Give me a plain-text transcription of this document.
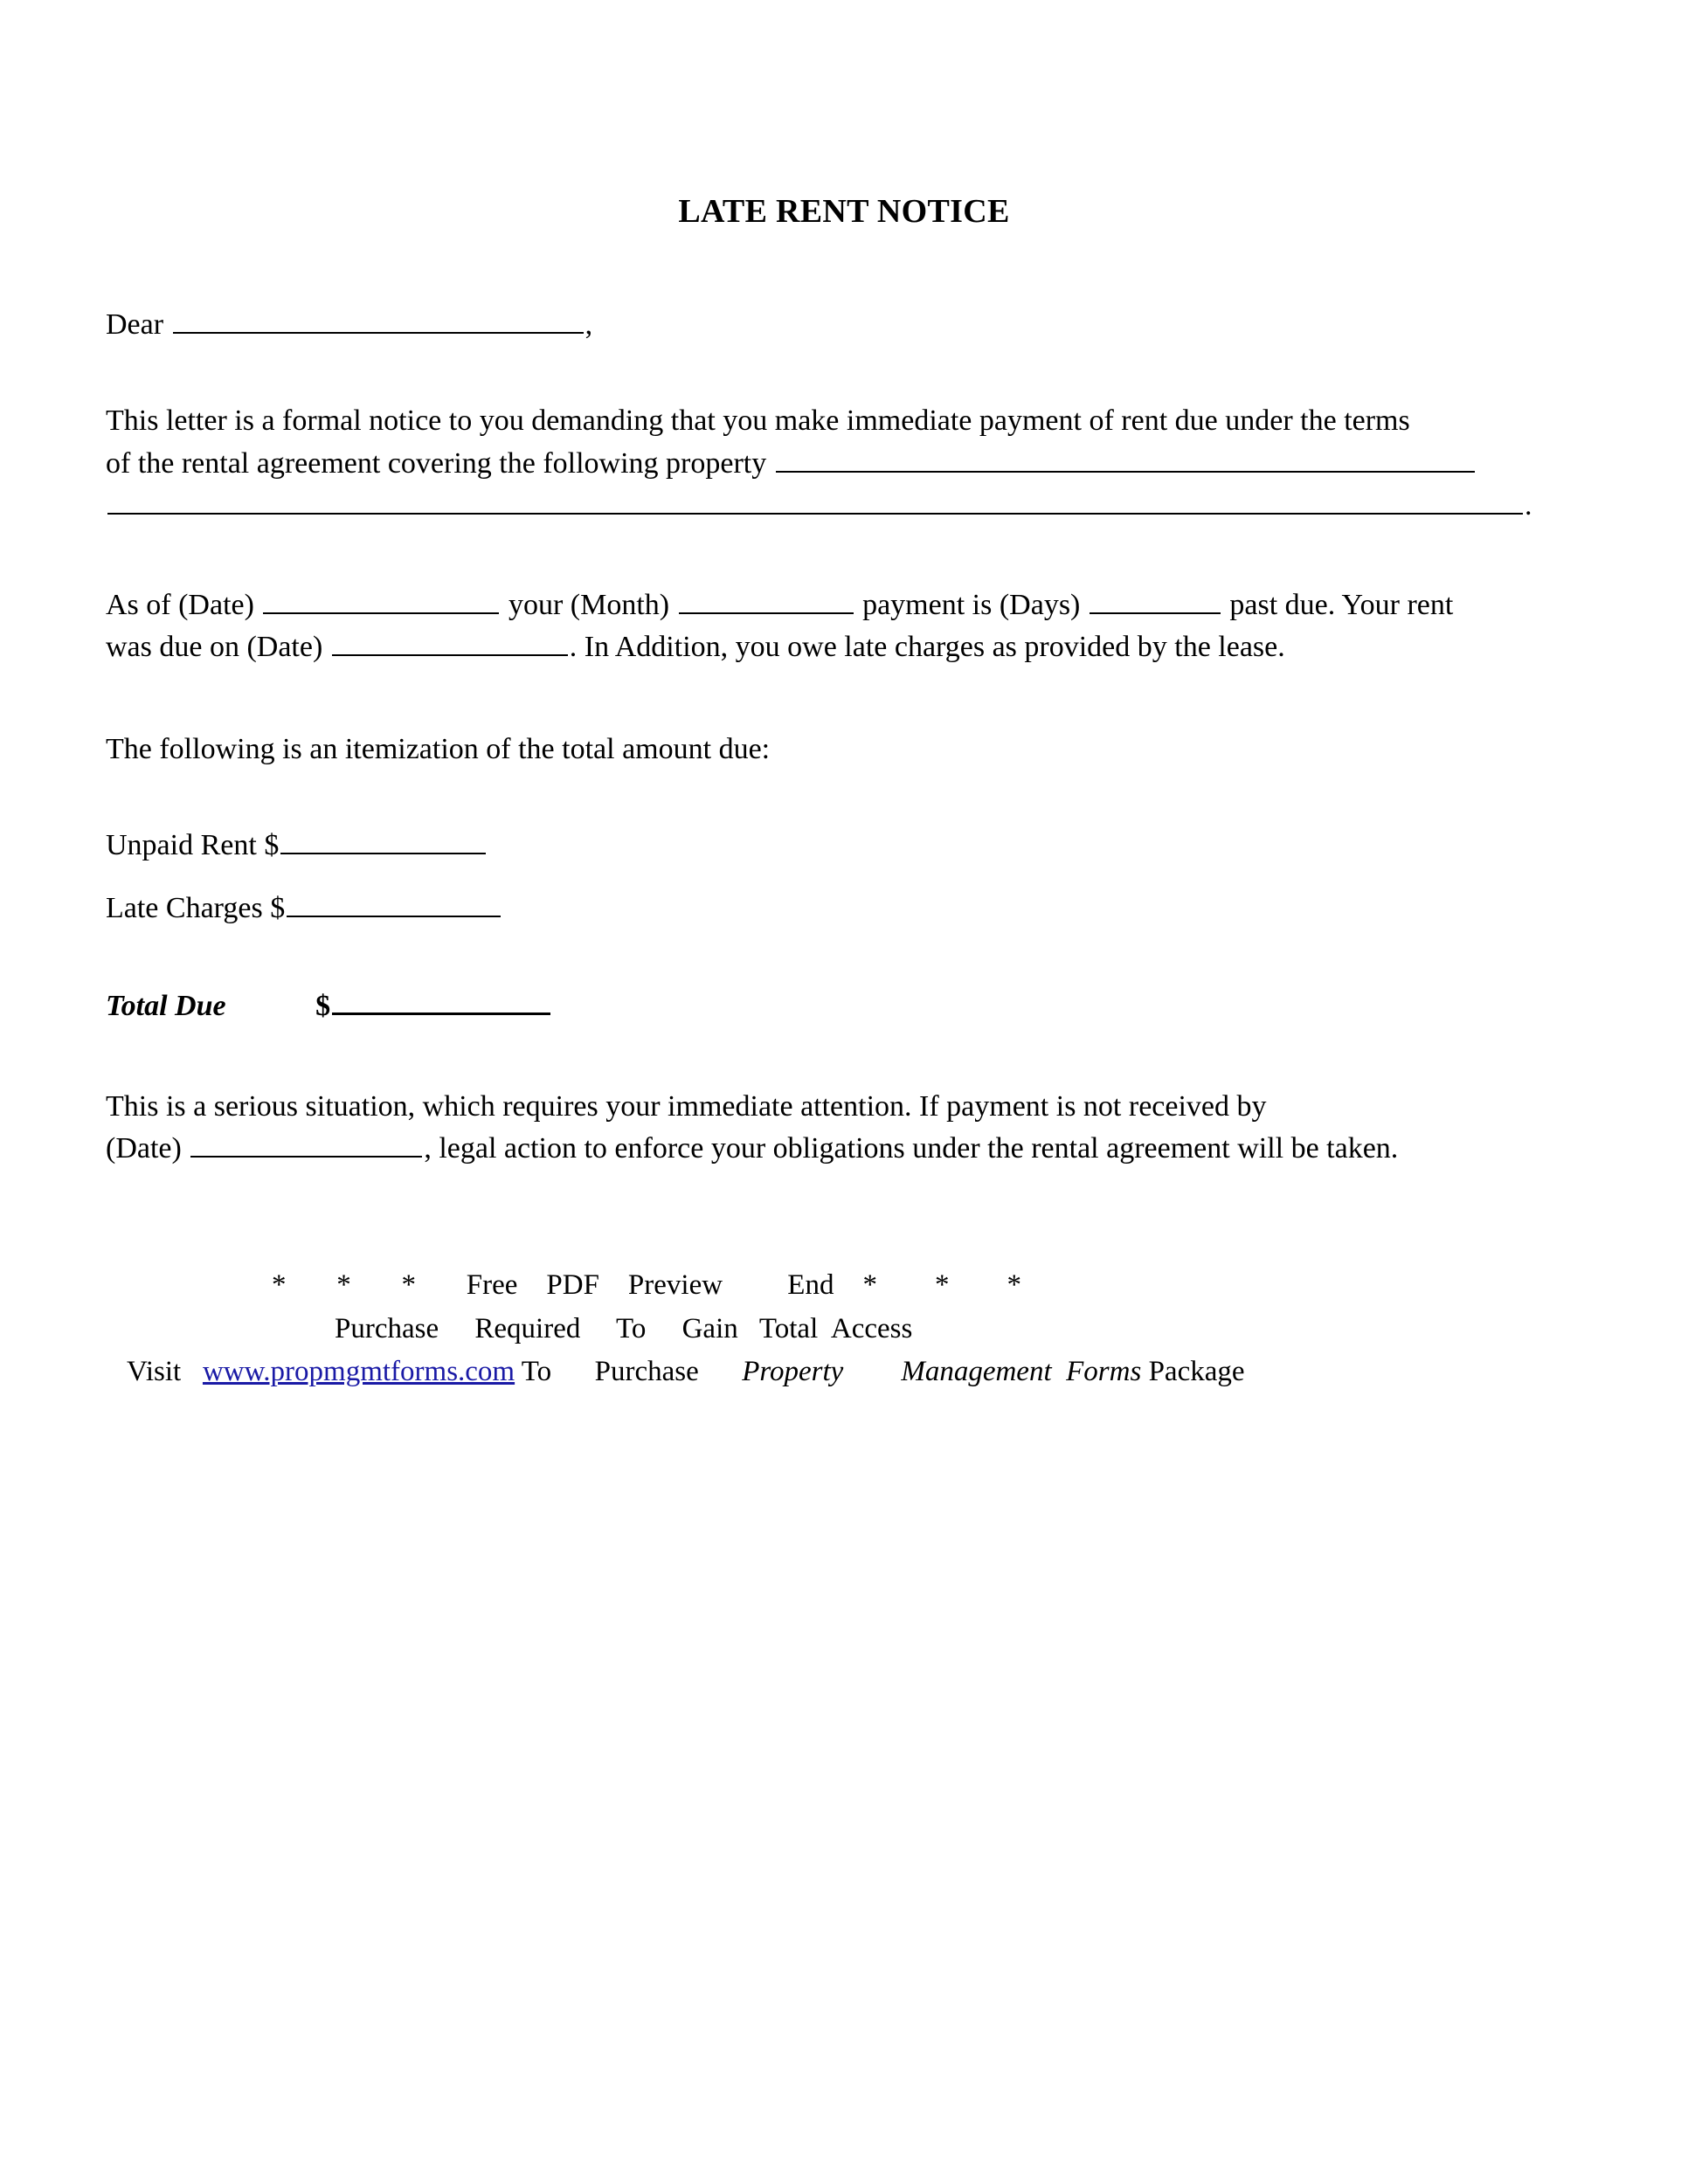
LATE RENT NOTICE

Dear	,

This letter is a formal notice to you demanding that you make immediate payment of rent due under the terms
of the rental agreement covering the following property
.

As of (Date)	your (Month)	payment is (Days)	past due. Your rent
was due on (Date)	. In Addition, you owe late charges as provided by the lease.

The following is an itemization of the total amount due:

Unpaid Rent $

Late Charges $

Total Due	$

This is a serious situation, which requires your immediate attention. If payment is not received by
(Date)	, legal action to enforce your obligations under the rental agreement will be taken.

*       *       *       Free    PDF    Preview         End    *        *        *
Purchase     Required     To     Gain   Total  Access
Visit   www.propmgmtforms.com To      Purchase      Property Management  Forms Package
